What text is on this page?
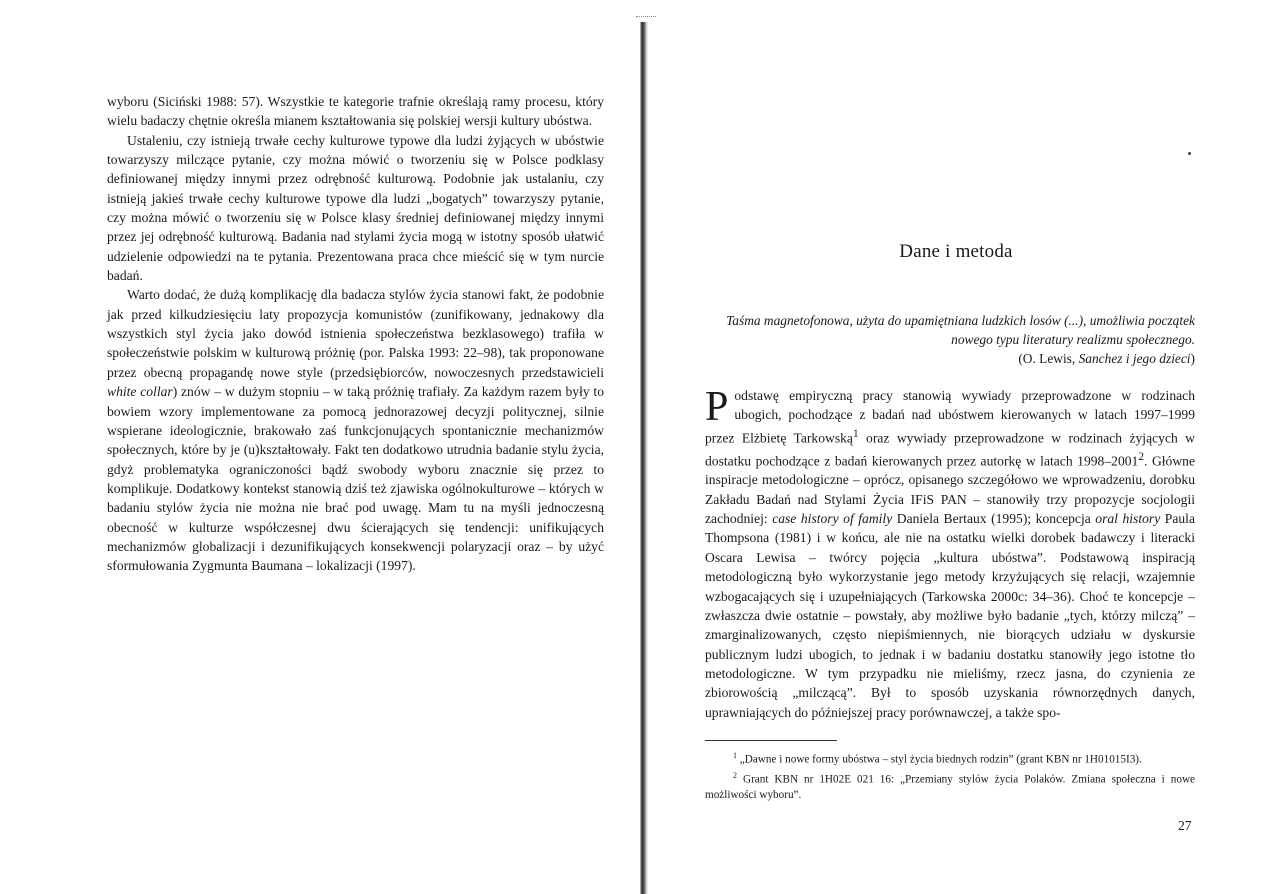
wyboru (Siciński 1988: 57). Wszystkie te kategorie trafnie określają ramy procesu, który wielu badaczy chętnie określa mianem kształtowania się polskiej wersji kultury ubóstwa.

Ustaleniu, czy istnieją trwałe cechy kulturowe typowe dla ludzi żyjących w ubóstwie towarzyszy milczące pytanie, czy można mówić o tworzeniu się w Polsce podklasy definiowanej między innymi przez odrębność kulturową. Podobnie jak ustalaniu, czy istnieją jakieś trwałe cechy kulturowe typowe dla ludzi „bogatych” towarzyszy pytanie, czy można mówić o tworzeniu się w Polsce klasy średniej definiowanej między innymi przez jej odrębność kulturową. Badania nad stylami życia mogą w istotny sposób ułatwić udzielenie odpowiedzi na te pytania. Prezentowana praca chce mieścić się w tym nurcie badań.

Warto dodać, że dużą komplikację dla badacza stylów życia stanowi fakt, że podobnie jak przed kilkudziesięciu laty propozycja komunistów (zunifikowany, jednakowy dla wszystkich styl życia jako dowód istnienia społeczeństwa bezklasowego) trafiła w społeczeństwie polskim w kulturową próżnię (por. Palska 1993: 22–98), tak proponowane przez obecną propagandę nowe style (przedsiębiorców, nowoczesnych przedstawicieli white collar) znów – w dużym stopniu – w taką próżnię trafiały. Za każdym razem były to bowiem wzory implementowane za pomocą jednorazowej decyzji politycznej, silnie wspierane ideologicznie, brakowało zaś funkcjonujących spontanicznie mechanizmów społecznych, które by je (u)kształtowały. Fakt ten dodatkowo utrudnia badanie stylu życia, gdyż problematyka ograniczoności bądź swobody wyboru znacznie się przez to komplikuje. Dodatkowy kontekst stanowią dziś też zjawiska ogólnokulturowe – których w badaniu stylów życia nie można nie brać pod uwagę. Mam tu na myśli jednoczesną obecność w kulturze współczesnej dwu ścierających się tendencji: unifikujących mechanizmów globalizacji i dezunifikujących konsekwencji polaryzacji oraz – by użyć sformułowania Zygmunta Baumana – lokalizacji (1997).

Dane i metoda
Taśma magnetofonowa, użyta do upamiętniana ludzkich losów (...), umożliwia początek nowego typu literatury realizmu społecznego.
(O. Lewis, Sanchez i jego dzieci)

Podstawę empiryczną pracy stanowią wywiady przeprowadzone w rodzinach ubogich, pochodzące z badań nad ubóstwem kierowanych w latach 1997–1999 przez Elżbietę Tarkowską$^1$ oraz wywiady przeprowadzone w rodzinach żyjących w dostatku pochodzące z badań kierowanych przez autorkę w latach 1998–2001$^2$. Główne inspiracje metodologiczne – oprócz, opisanego szczegółowo we wprowadzeniu, dorobku Zakładu Badań nad Stylami Życia IFiS PAN – stanowiły trzy propozycje socjologii zachodniej: case history of family Daniela Bertaux (1995); koncepcja oral history Paula Thompsona (1981) i w końcu, ale nie na ostatku wielki dorobek badawczy i literacki Oscara Lewisa – twórcy pojęcia „kultura ubóstwa”. Podstawową inspiracją metodologiczną było wykorzystanie jego metody krzyżujących się relacji, wzajemnie wzbogacających się i uzupełniających (Tarkowska 2000c: 34–36). Choć te koncepcje – zwłaszcza dwie ostatnie – powstały, aby możliwe było badanie „tych, którzy milczą” – zmarginalizowanych, często niepiśmiennych, nie biorących udziału w dyskursie publicznym ludzi ubogich, to jednak i w badaniu dostatku stanowiły jego istotne tło metodologiczne. W tym przypadku nie mieliśmy, rzecz jasna, do czynienia ze zbiorowością „milczącą”. Był to sposób uzyskania równorzędnych danych, uprawniających do późniejszej pracy porównawczej, a także spo-

$^1$ „Dawne i nowe formy ubóstwa – styl życia biednych rodzin” (grant KBN nr 1H01015I3).

$^2$ Grant KBN nr 1H02E 021 16: „Przemiany stylów życia Polaków. Zmiana społeczna i nowe możliwości wyboru”.

27
